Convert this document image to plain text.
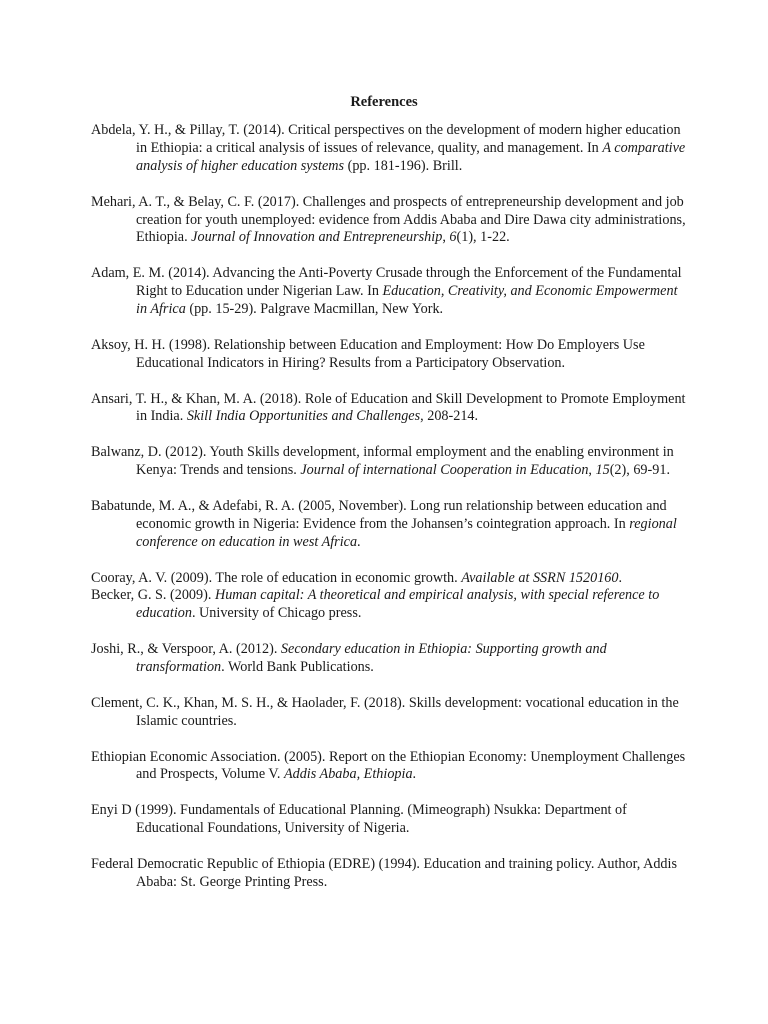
References

Abdela, Y. H., & Pillay, T. (2014). Critical perspectives on the development of modern higher education in Ethiopia: a critical analysis of issues of relevance, quality, and management. In A comparative analysis of higher education systems (pp. 181-196). Brill.

Mehari, A. T., & Belay, C. F. (2017). Challenges and prospects of entrepreneurship development and job creation for youth unemployed: evidence from Addis Ababa and Dire Dawa city administrations, Ethiopia. Journal of Innovation and Entrepreneurship, 6(1), 1-22.

Adam, E. M. (2014). Advancing the Anti-Poverty Crusade through the Enforcement of the Fundamental Right to Education under Nigerian Law. In Education, Creativity, and Economic Empowerment in Africa (pp. 15-29). Palgrave Macmillan, New York.

Aksoy, H. H. (1998). Relationship between Education and Employment: How Do Employers Use Educational Indicators in Hiring? Results from a Participatory Observation.

Ansari, T. H., & Khan, M. A. (2018). Role of Education and Skill Development to Promote Employment in India. Skill India Opportunities and Challenges, 208-214.

Balwanz, D. (2012). Youth Skills development, informal employment and the enabling environment in Kenya: Trends and tensions. Journal of international Cooperation in Education, 15(2), 69-91.

Babatunde, M. A., & Adefabi, R. A. (2005, November). Long run relationship between education and economic growth in Nigeria: Evidence from the Johansen’s cointegration approach. In regional conference on education in west Africa.

Cooray, A. V. (2009). The role of education in economic growth. Available at SSRN 1520160.

Becker, G. S. (2009). Human capital: A theoretical and empirical analysis, with special reference to education. University of Chicago press.

Joshi, R., & Verspoor, A. (2012). Secondary education in Ethiopia: Supporting growth and transformation. World Bank Publications.

Clement, C. K., Khan, M. S. H., & Haolader, F. (2018). Skills development: vocational education in the Islamic countries.

Ethiopian Economic Association. (2005). Report on the Ethiopian Economy: Unemployment Challenges and Prospects, Volume V. Addis Ababa, Ethiopia.

Enyi D (1999). Fundamentals of Educational Planning. (Mimeograph) Nsukka: Department of Educational Foundations, University of Nigeria.

Federal Democratic Republic of Ethiopia (EDRE) (1994). Education and training policy. Author, Addis Ababa: St. George Printing Press.
